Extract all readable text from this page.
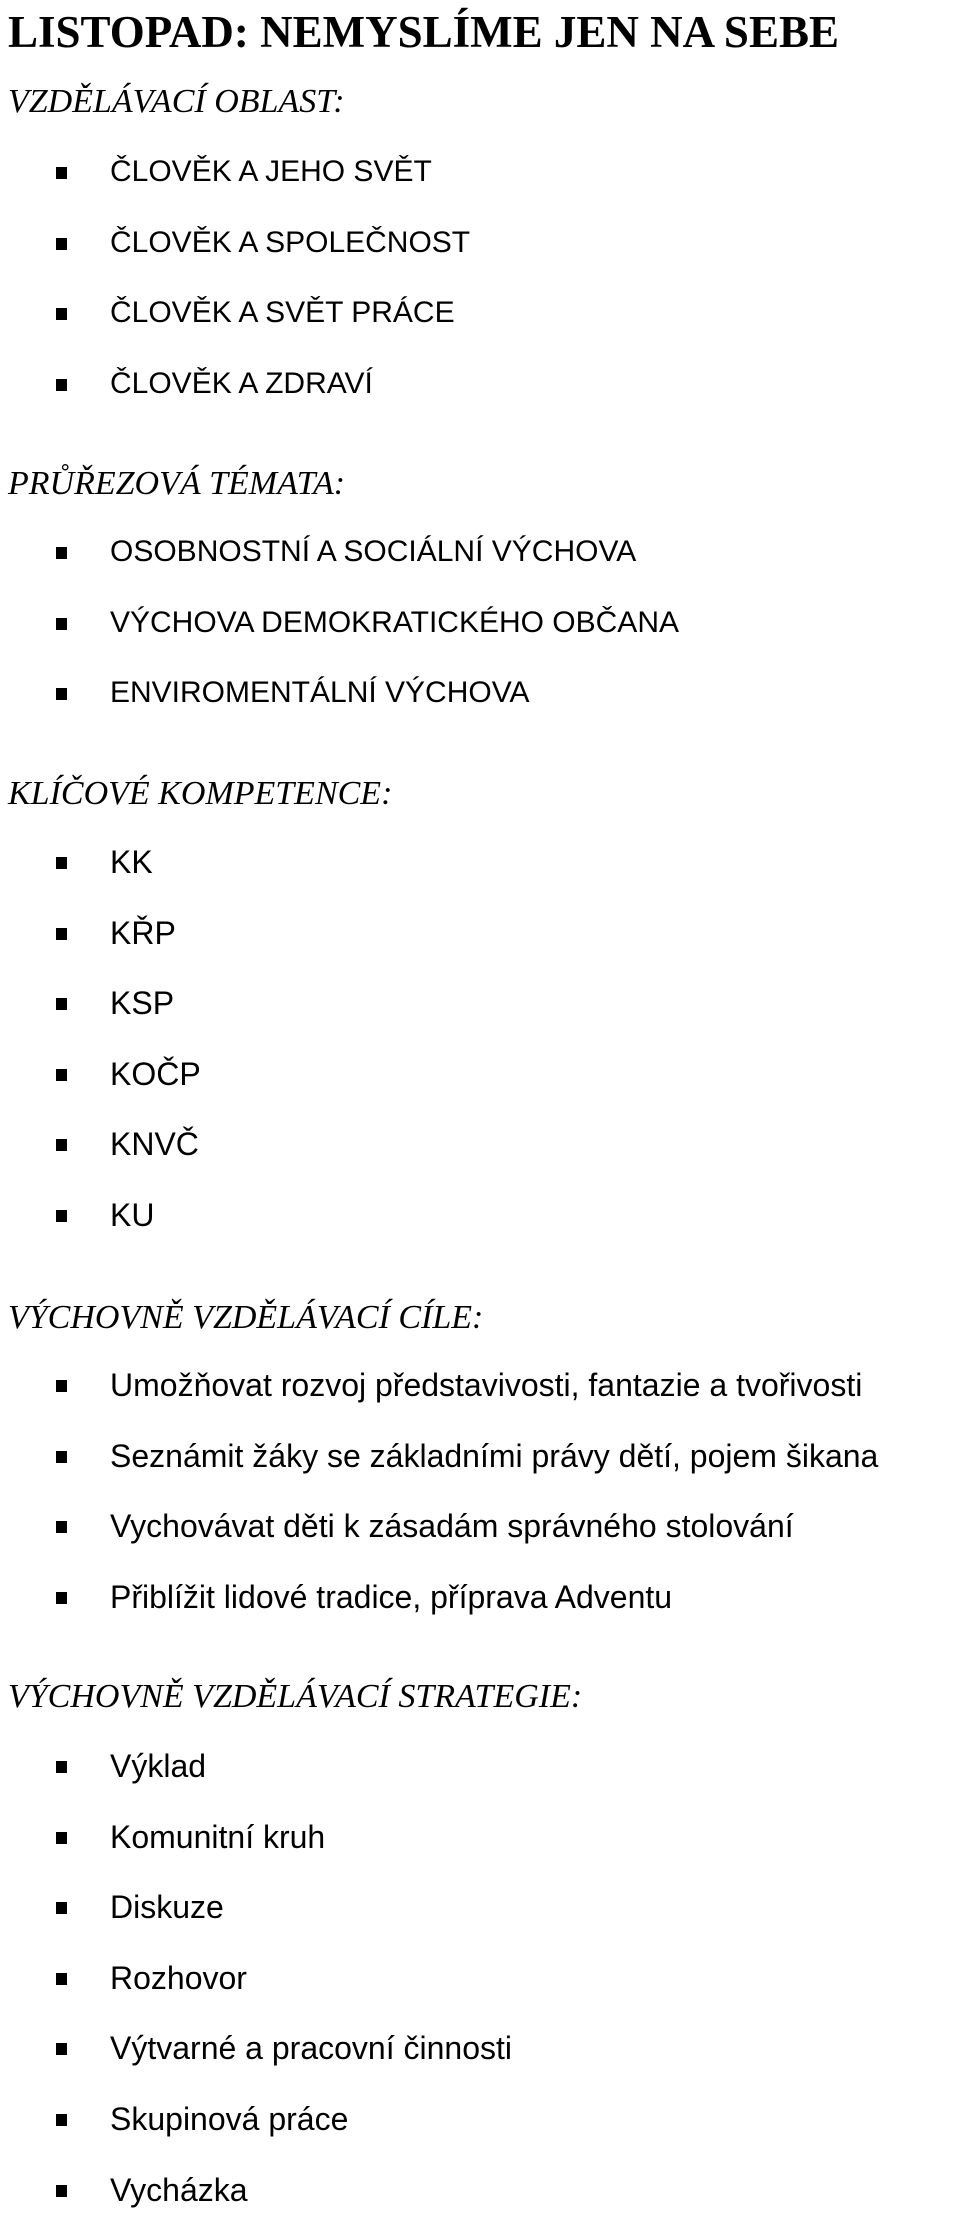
LISTOPAD: NEMYSLÍME JEN NA SEBE
VZDĚLÁVACÍ OBLAST:
ČLOVĚK A JEHO SVĚT
ČLOVĚK A SPOLEČNOST
ČLOVĚK A SVĚT PRÁCE
ČLOVĚK A ZDRAVÍ
PRŮŘEZOVÁ TÉMATA:
OSOBNOSTNÍ A SOCIÁLNÍ VÝCHOVA
VÝCHOVA DEMOKRATICKÉHO OBČANA
ENVIROMENTÁLNÍ VÝCHOVA
KLÍČOVÉ KOMPETENCE:
KK
KŘP
KSP
KOČP
KNVČ
KU
VÝCHOVNĚ VZDĚLÁVACÍ CÍLE:
Umožňovat rozvoj představivosti, fantazie a tvořivosti
Seznámit žáky se základními právy dětí, pojem šikana
Vychovávat děti k zásadám správného stolování
Přiblížit lidové tradice, příprava Adventu
VÝCHOVNĚ VZDĚLÁVACÍ STRATEGIE:
Výklad
Komunitní kruh
Diskuze
Rozhovor
Výtvarné a pracovní činnosti
Skupinová práce
Vycházka
